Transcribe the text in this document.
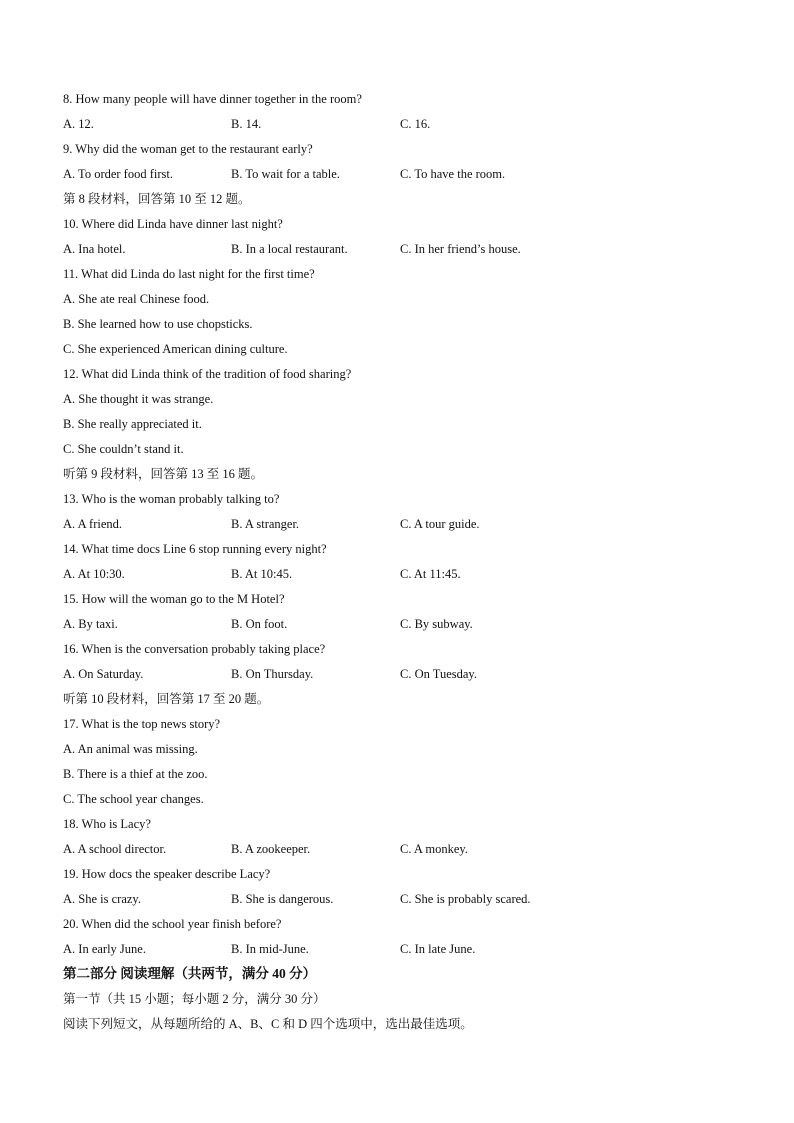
8. How many people will have dinner together in the room?
A. 12.	B. 14.	C. 16.
9. Why did the woman get to the restaurant early?
A. To order food first.	B. To wait for a table.	C. To have the room.
第 8 段材料，回答第 10 至 12 题。
10. Where did Linda have dinner last night?
A. Ina hotel.	B. In a local restaurant.	C. In her friend’s house.
11. What did Linda do last night for the first time?
A. She ate real Chinese food.
B. She learned how to use chopsticks.
C. She experienced American dining culture.
12. What did Linda think of the tradition of food sharing?
A. She thought it was strange.
B. She really appreciated it.
C. She couldn’t stand it.
听第 9 段材料，回答第 13 至 16 题。
13. Who is the woman probably talking to?
A. A friend.	B. A stranger.	C. A tour guide.
14. What time docs Line 6 stop running every night?
A. At 10:30.	B. At 10:45.	C. At 11:45.
15. How will the woman go to the M Hotel?
A. By taxi.	B. On foot.	C. By subway.
16. When is the conversation probably taking place?
A. On Saturday.	B. On Thursday.	C. On Tuesday.
听第 10 段材料，回答第 17 至 20 题。
17. What is the top news story?
A. An animal was missing.
B. There is a thief at the zoo.
C. The school year changes.
18. Who is Lacy?
A. A school director.	B. A zookeeper.	C. A monkey.
19. How docs the speaker describe Lacy?
A. She is crazy.	B. She is dangerous.	C. She is probably scared.
20. When did the school year finish before?
A. In early June.	B. In mid-June.	C. In late June.
第二部分 阅读理解（共两节，满分 40 分）
第一节（共 15 小题；每小题 2 分，满分 30 分）
阅读下列短文，从每题所给的 A、B、C 和 D 四个选项中，选出最佳选项。
